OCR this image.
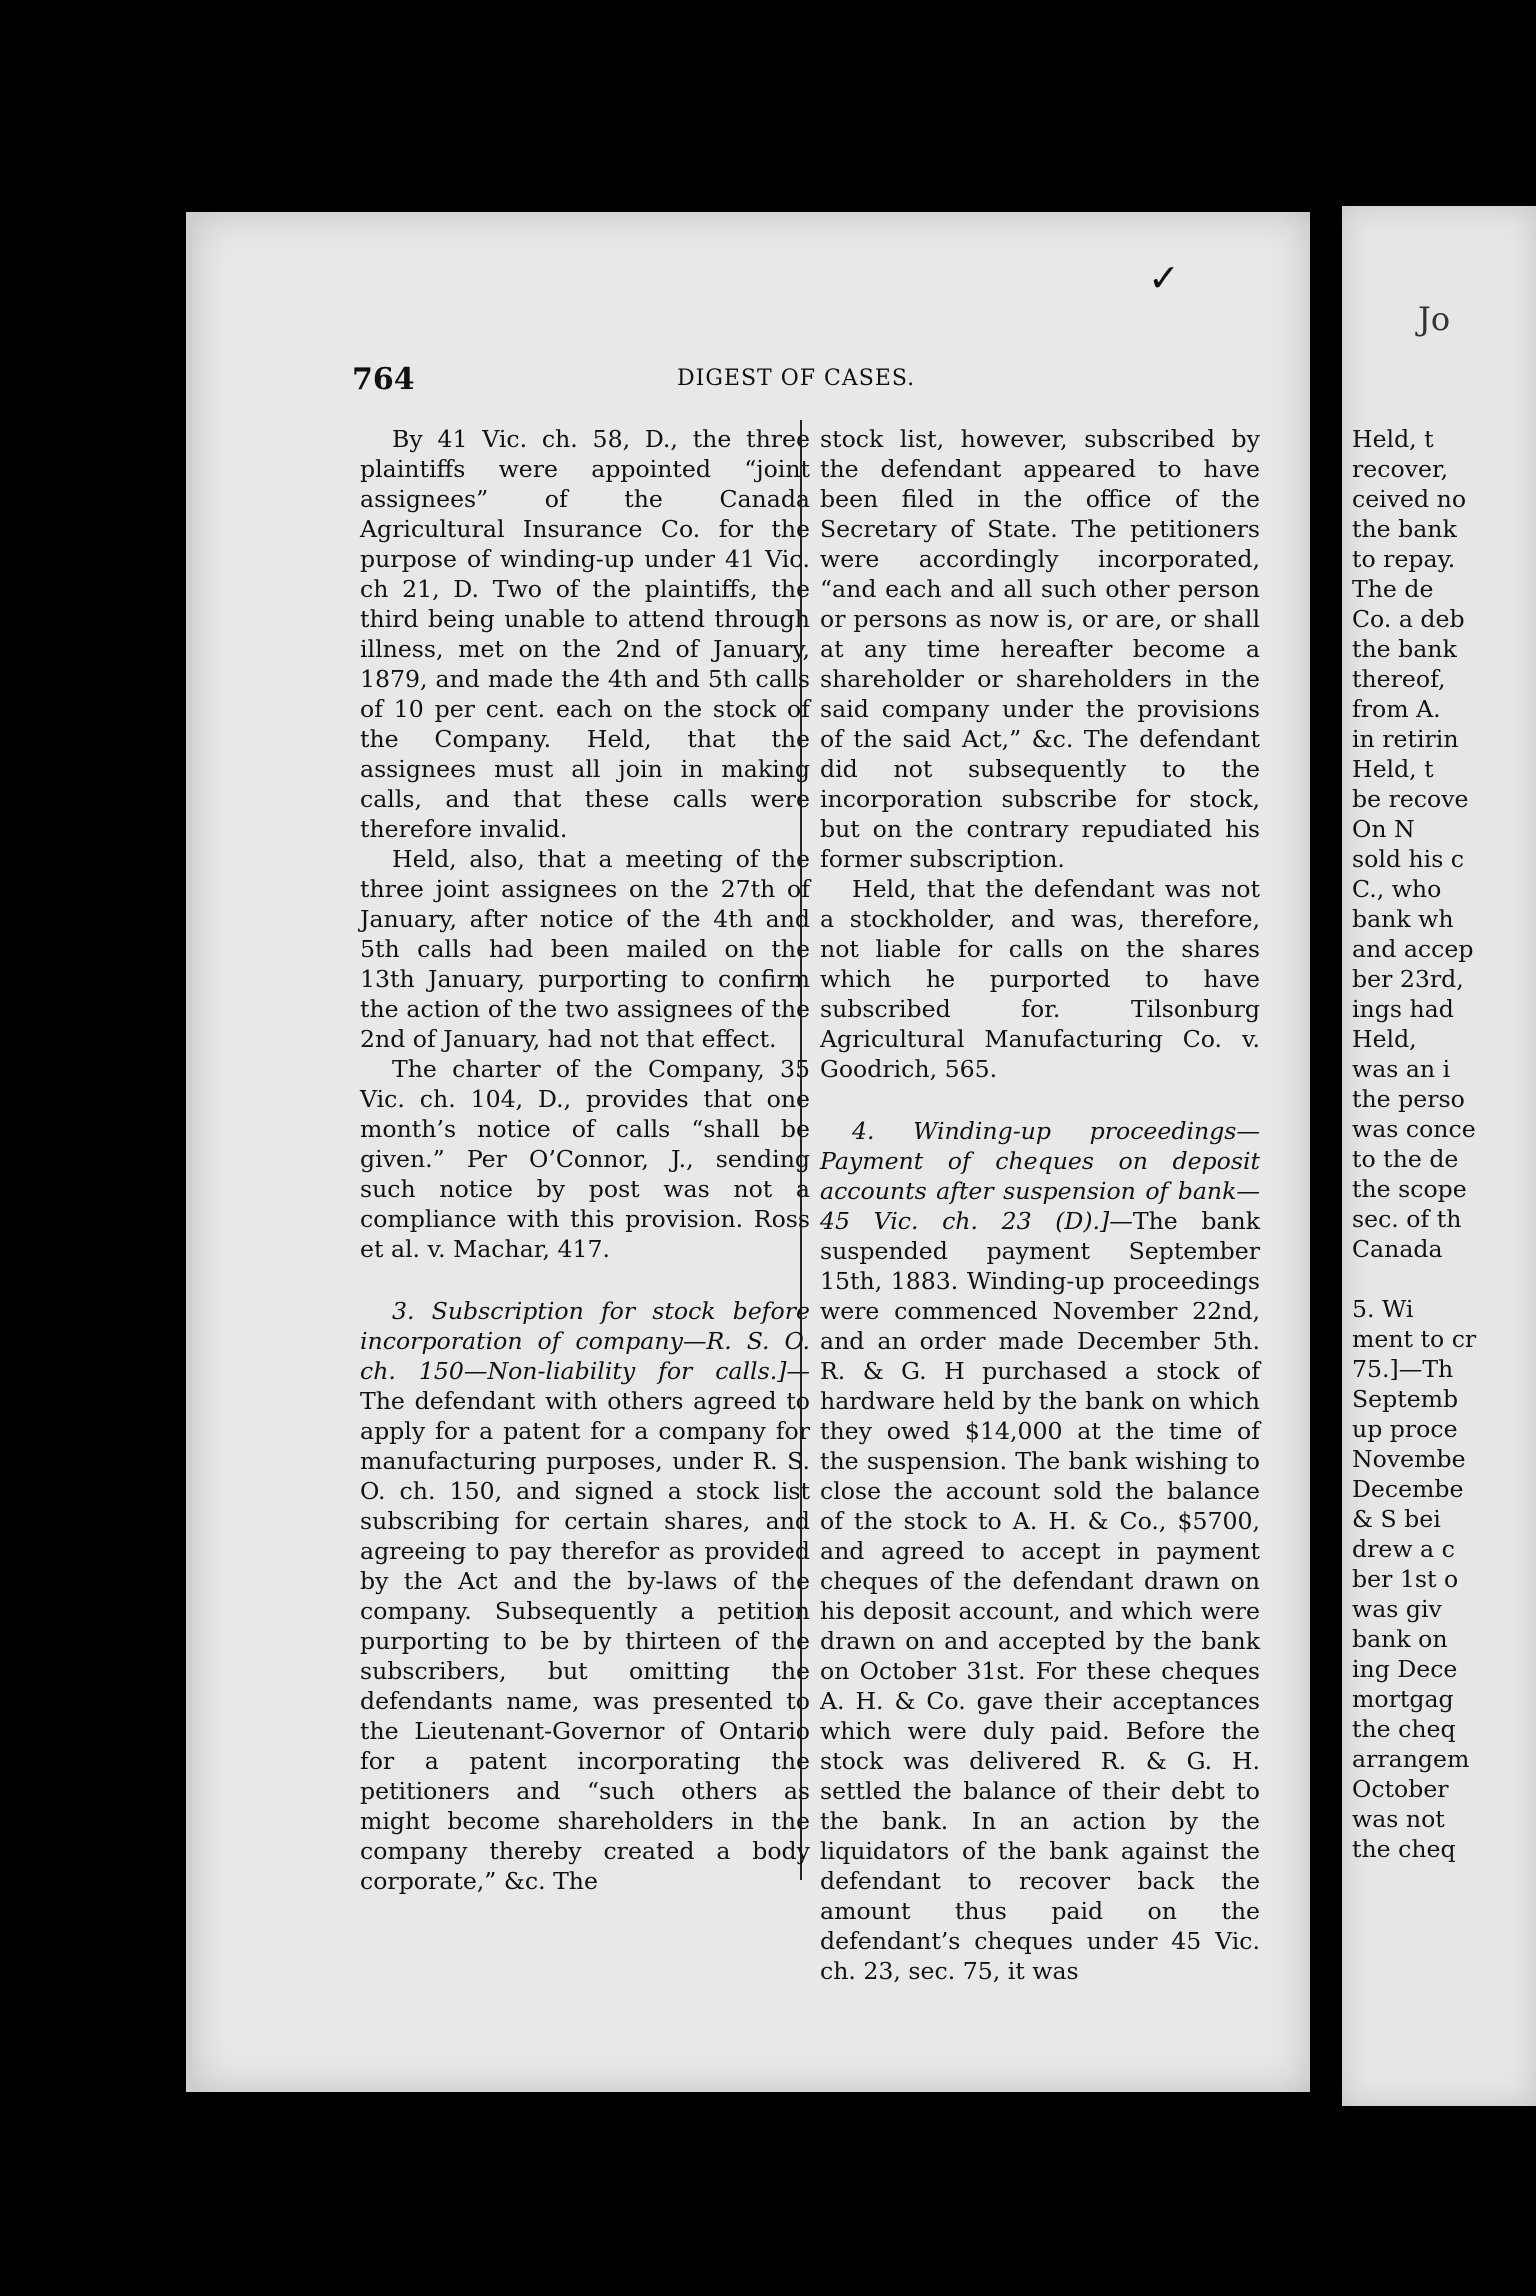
✓
Jo
764	DIGEST OF CASES.

By 41 Vic. ch. 58, D., the three plaintiffs were appointed “joint assignees” of the Canada Agricultural Insurance Co. for the purpose of winding-up under 41 Vic. ch 21, D. Two of the plaintiffs, the third being unable to attend through illness, met on the 2nd of January, 1879, and made the 4th and 5th calls of 10 per cent. each on the stock of the Company. Held, that the assignees must all join in making calls, and that these calls were therefore invalid.

Held, also, that a meeting of the three joint assignees on the 27th of January, after notice of the 4th and 5th calls had been mailed on the 13th January, purporting to confirm the action of the two assignees of the 2nd of January, had not that effect.

The charter of the Company, 35 Vic. ch. 104, D., provides that one month’s notice of calls “shall be given.” Per O’Connor, J., sending such notice by post was not a compliance with this provision. Ross et al. v. Machar, 417.

3. Subscription for stock before incorporation of company—R. S. O. ch. 150—Non-liability for calls.]— The defendant with others agreed to apply for a patent for a company for manufacturing purposes, under R. S. O. ch. 150, and signed a stock list subscribing for certain shares, and agreeing to pay therefor as provided by the Act and the by-laws of the company. Subsequently a petition purporting to be by thirteen of the subscribers, but omitting the defendants name, was presented to the Lieutenant-Governor of Ontario for a patent incorporating the petitioners and “such others as might become shareholders in the company thereby created a body corporate,” &c. The

stock list, however, subscribed by the defendant appeared to have been filed in the office of the Secretary of State. The petitioners were accordingly incorporated, “and each and all such other person or persons as now is, or are, or shall at any time hereafter become a shareholder or shareholders in the said company under the provisions of the said Act,” &c. The defendant did not subsequently to the incorporation subscribe for stock, but on the contrary repudiated his former subscription.

Held, that the defendant was not a stockholder, and was, therefore, not liable for calls on the shares which he purported to have subscribed for. Tilsonburg Agricultural Manufacturing Co. v. Goodrich, 565.

4. Winding-up proceedings—Payment of cheques on deposit accounts after suspension of bank—45 Vic. ch. 23 (D).]—The bank suspended payment September 15th, 1883. Winding-up proceedings were commenced November 22nd, and an order made December 5th. R. & G. H purchased a stock of hardware held by the bank on which they owed $14,000 at the time of the suspension. The bank wishing to close the account sold the balance of the stock to A. H. & Co., $5700, and agreed to accept in payment cheques of the defendant drawn on his deposit account, and which were drawn on and accepted by the bank on October 31st. For these cheques A. H. & Co. gave their acceptances which were duly paid. Before the stock was delivered R. & G. H. settled the balance of their debt to the bank. In an action by the liquidators of the bank against the defendant to recover back the amount thus paid on the defendant’s cheques under 45 Vic. ch. 23, sec. 75, it was

Held, t
recover,
ceived no
the bank
to repay.
The de
Co. a deb
the bank
thereof,
from A.
in retirin
Held, t
be recove
On N
sold his c
C., who
bank wh
and accep
ber 23rd,
ings had
Held,
was an i
the perso
was conce
to the de
the scope
sec. of th
Canada
5. Wi
ment to cr
75.]—Th
Septemb
up proce
Novembe
Decembe
& S bei
drew a c
ber 1st o
was giv
bank on
ing Dece
mortgag
the cheq
arrangem
October
was not
the cheq
